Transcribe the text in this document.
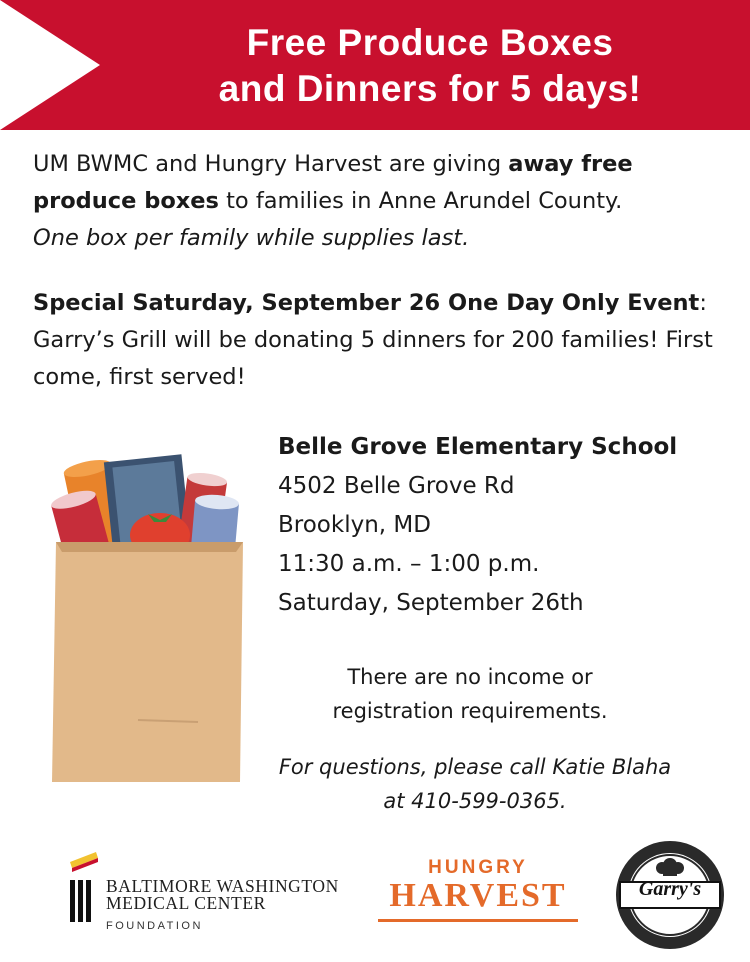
Free Produce Boxes
and Dinners for 5 days!
UM BWMC and Hungry Harvest are giving away free produce boxes to families in Anne Arundel County.
One box per family while supplies last.
Special Saturday, September 26 One Day Only Event: Garry’s Grill will be donating 5 dinners for 200 families! First come, first served!
Belle Grove Elementary School
4502 Belle Grove Rd
Brooklyn, MD
11:30 a.m. – 1:00 p.m.
Saturday, September 26th
There are no income or registration requirements.
For questions, please call Katie Blaha at 410-599-0365.
BALTIMORE WASHINGTON
MEDICAL CENTER
FOUNDATION
HUNGRY
HARVEST	Garry's
